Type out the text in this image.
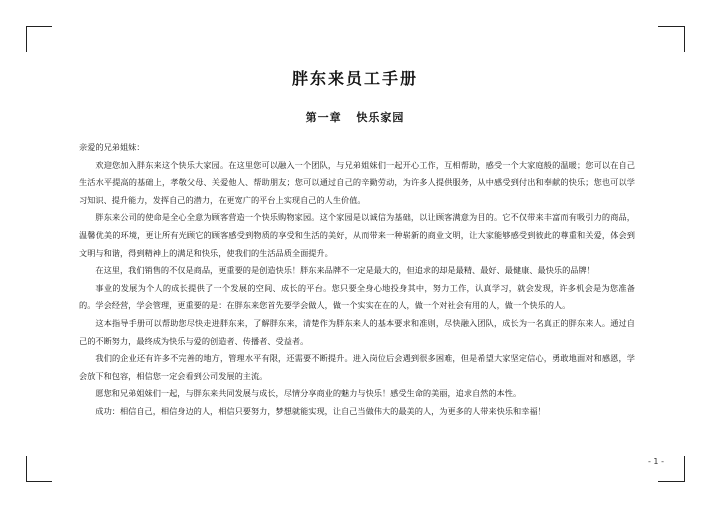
胖东来员工手册
第一章 快乐家园

亲爱的兄弟姐妹：

欢迎您加入胖东来这个快乐大家园。在这里您可以融入一个团队，与兄弟姐妹们一起开心工作，互相帮助，感受一个大家庭般的温暖；您可以在自己生活水平提高的基础上，孝敬父母、关爱他人、帮助朋友；您可以通过自己的辛勤劳动，为许多人提供服务，从中感受到付出和奉献的快乐；您也可以学习知识、提升能力，发挥自己的潜力，在更宽广的平台上实现自己的人生价值。

胖东来公司的使命是全心全意为顾客营造一个快乐购物家园。这个家园是以诚信为基础，以让顾客满意为目的。它不仅带来丰富而有吸引力的商品，温馨优美的环境，更让所有光顾它的顾客感受到物质的享受和生活的美好，从而带来一种崭新的商业文明，让大家能够感受到彼此的尊重和关爱，体会到文明与和谐，得到精神上的满足和快乐，使我们的生活品质全面提升。

在这里，我们销售的不仅是商品，更重要的是创造快乐！胖东来品牌不一定是最大的，但追求的却是最精、最好、最健康、最快乐的品牌！

事业的发展为个人的成长提供了一个发展的空间、成长的平台。您只要全身心地投身其中，努力工作，认真学习，就会发现，许多机会是为您准备的。学会经营，学会管理，更重要的是：在胖东来您首先要学会做人，做一个实实在在的人，做一个对社会有用的人，做一个快乐的人。

这本指导手册可以帮助您尽快走进胖东来，了解胖东来，清楚作为胖东来人的基本要求和准则，尽快融入团队，成长为一名真正的胖东来人。通过自己的不断努力，最终成为快乐与爱的创造者、传播者、受益者。

我们的企业还有许多不完善的地方，管理水平有限，还需要不断提升。进入岗位后会遇到很多困难，但是希望大家坚定信心，勇敢地面对和感恩，学会放下和包容，相信您一定会看到公司发展的主流。

愿您和兄弟姐妹们一起，与胖东来共同发展与成长，尽情分享商业的魅力与快乐！感受生命的美丽，追求自然的本性。

成功：相信自己，相信身边的人，相信只要努力，梦想就能实现，让自己当做伟大的最美的人，为更多的人带来快乐和幸福！

- 1 -
